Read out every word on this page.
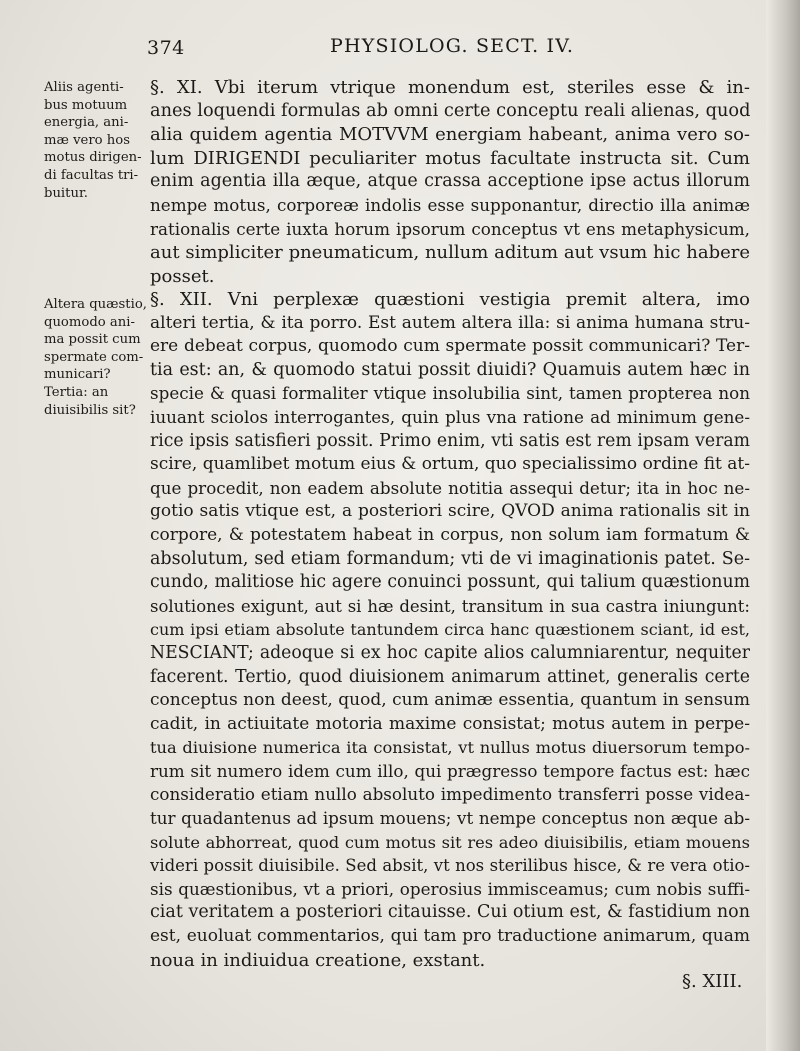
374	PHYSIOLOG. SECT. IV.
Aliis agenti-
bus motuum
energia, ani-
mæ vero hos
motus dirigen-
di facultas tri-
buitur.
Altera quæstio,
quomodo ani-
ma possit cum
spermate com-
municari?
Tertia: an
diuisibilis sit?
§. XI. Vbi iterum vtrique monendum est, steriles esse & in-
anes loquendi formulas ab omni certe conceptu reali alienas, quod
alia quidem agentia MOTVVM energiam habeant, anima vero so-
lum DIRIGENDI peculiariter motus facultate instructa sit. Cum
enim agentia illa æque, atque crassa acceptione ipse actus illorum
nempe motus, corporeæ indolis esse supponantur, directio illa animæ
rationalis certe iuxta horum ipsorum conceptus vt ens metaphysicum,
aut simpliciter pneumaticum, nullum aditum aut vsum hic habere
posset.
§. XII. Vni perplexæ quæstioni vestigia premit altera, imo
alteri tertia, & ita porro. Est autem altera illa: si anima humana stru-
ere debeat corpus, quomodo cum spermate possit communicari? Ter-
tia est: an, & quomodo statui possit diuidi? Quamuis autem hæc in
specie & quasi formaliter vtique insolubilia sint, tamen propterea non
iuuant sciolos interrogantes, quin plus vna ratione ad minimum gene-
rice ipsis satisfieri possit. Primo enim, vti satis est rem ipsam veram
scire, quamlibet motum eius & ortum, quo specialissimo ordine fit at-
que procedit, non eadem absolute notitia assequi detur; ita in hoc ne-
gotio satis vtique est, a posteriori scire, QVOD anima rationalis sit in
corpore, & potestatem habeat in corpus, non solum iam formatum &
absolutum, sed etiam formandum; vti de vi imaginationis patet. Se-
cundo, malitiose hic agere conuinci possunt, qui talium quæstionum
solutiones exigunt, aut si hæ desint, transitum in sua castra iniungunt:
cum ipsi etiam absolute tantundem circa hanc quæstionem sciant, id est,
NESCIANT; adeoque si ex hoc capite alios calumniarentur, nequiter
facerent. Tertio, quod diuisionem animarum attinet, generalis certe
conceptus non deest, quod, cum animæ essentia, quantum in sensum
cadit, in actiuitate motoria maxime consistat; motus autem in perpe-
tua diuisione numerica ita consistat, vt nullus motus diuersorum tempo-
rum sit numero idem cum illo, qui prægresso tempore factus est: hæc
consideratio etiam nullo absoluto impedimento transferri posse videa-
tur quadantenus ad ipsum mouens; vt nempe conceptus non æque ab-
solute abhorreat, quod cum motus sit res adeo diuisibilis, etiam mouens
videri possit diuisibile. Sed absit, vt nos sterilibus hisce, & re vera otio-
sis quæstionibus, vt a priori, operosius immisceamus; cum nobis suffi-
ciat veritatem a posteriori citauisse. Cui otium est, & fastidium non
est, euoluat commentarios, qui tam pro traductione animarum, quam
noua in indiuidua creatione, exstant.
§. XIII.
